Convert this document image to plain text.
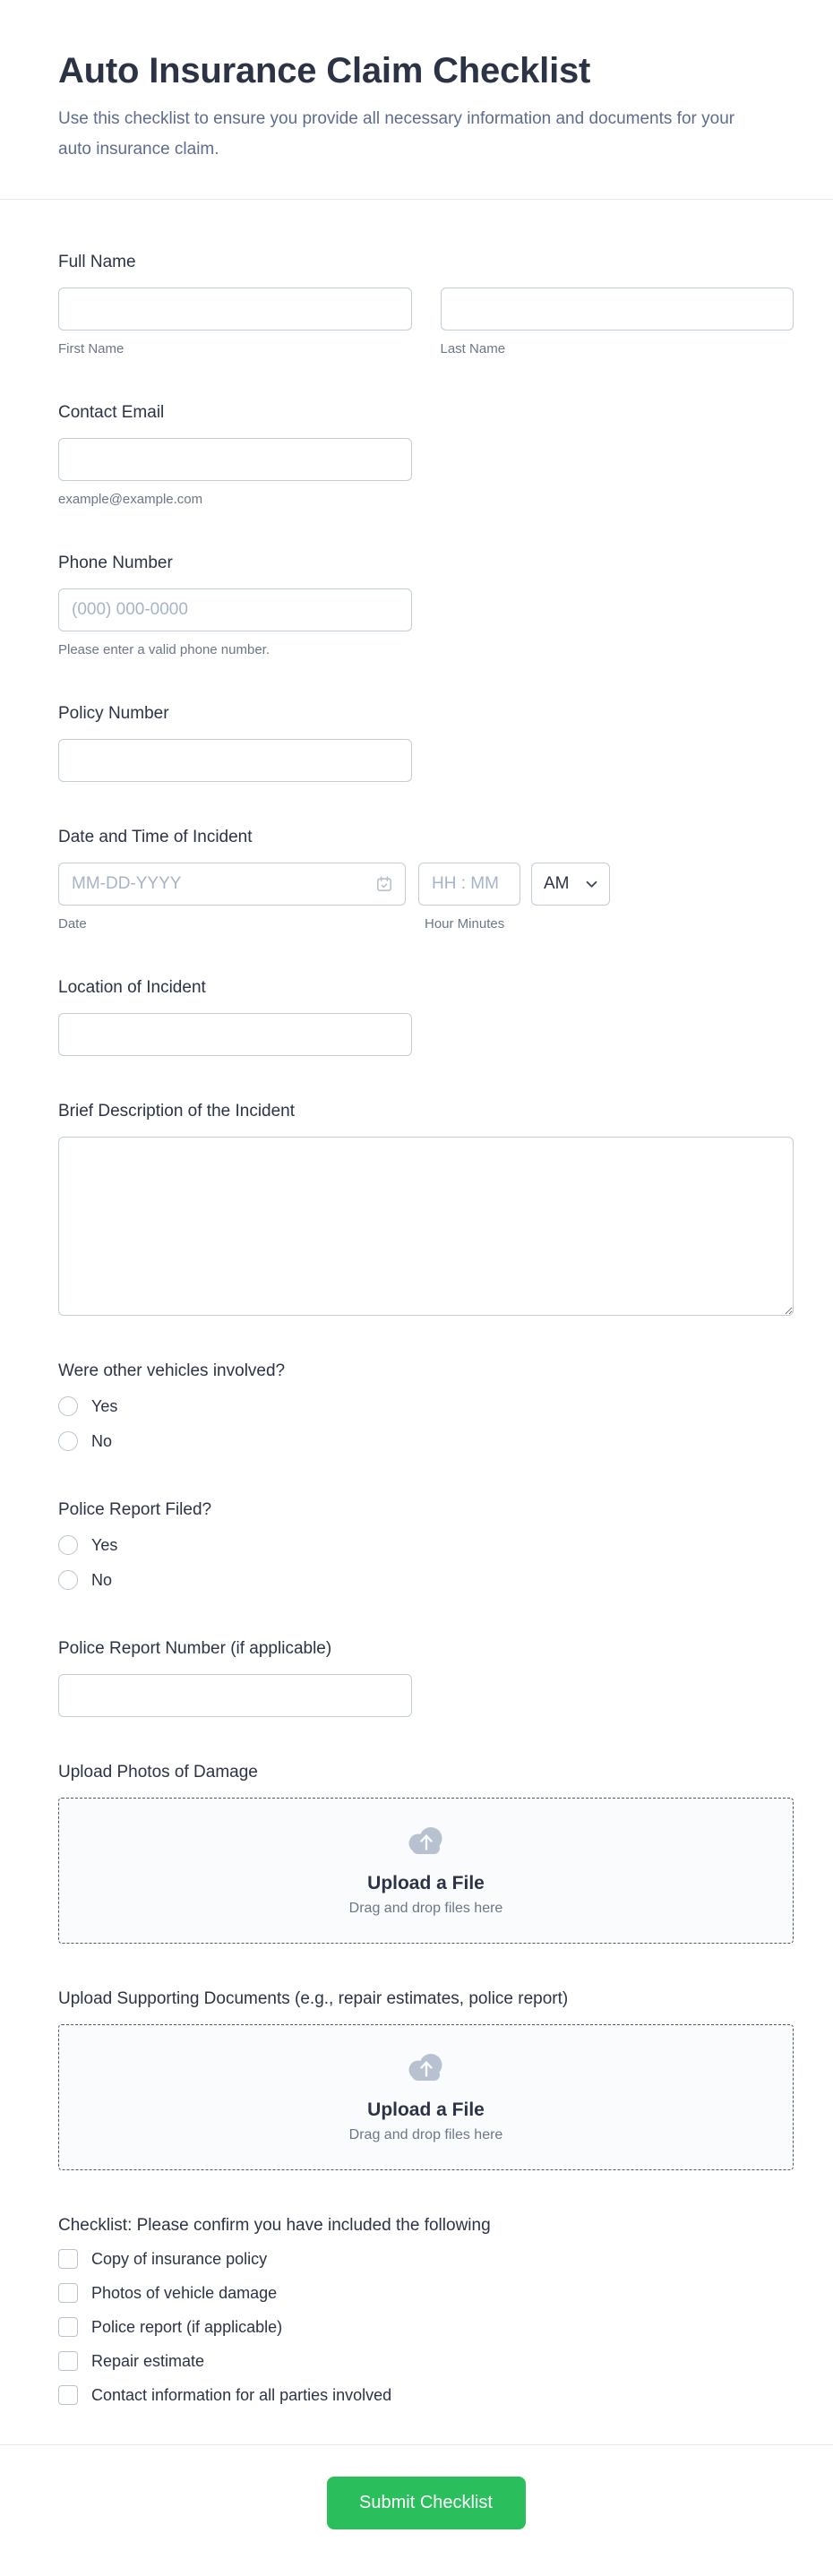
Auto Insurance Claim Checklist

Use this checklist to ensure you provide all necessary information and documents for your auto insurance claim.

Full Name
First Name	Last Name
Contact Email
example@example.com
Phone Number
(000) 000-0000
Please enter a valid phone number.
Policy Number
Date and Time of Incident
MM-DD-YYYY
HH : MM
AM
Date	Hour Minutes
Location of Incident
Brief Description of the Incident
Were other vehicles involved?
Yes
No
Police Report Filed?
Yes
No
Police Report Number (if applicable)
Upload Photos of Damage
Upload a File
Drag and drop files here
Upload Supporting Documents (e.g., repair estimates, police report)
Upload a File
Drag and drop files here
Checklist: Please confirm you have included the following
Copy of insurance policy
Photos of vehicle damage
Police report (if applicable)
Repair estimate
Contact information for all parties involved
Submit Checklist
